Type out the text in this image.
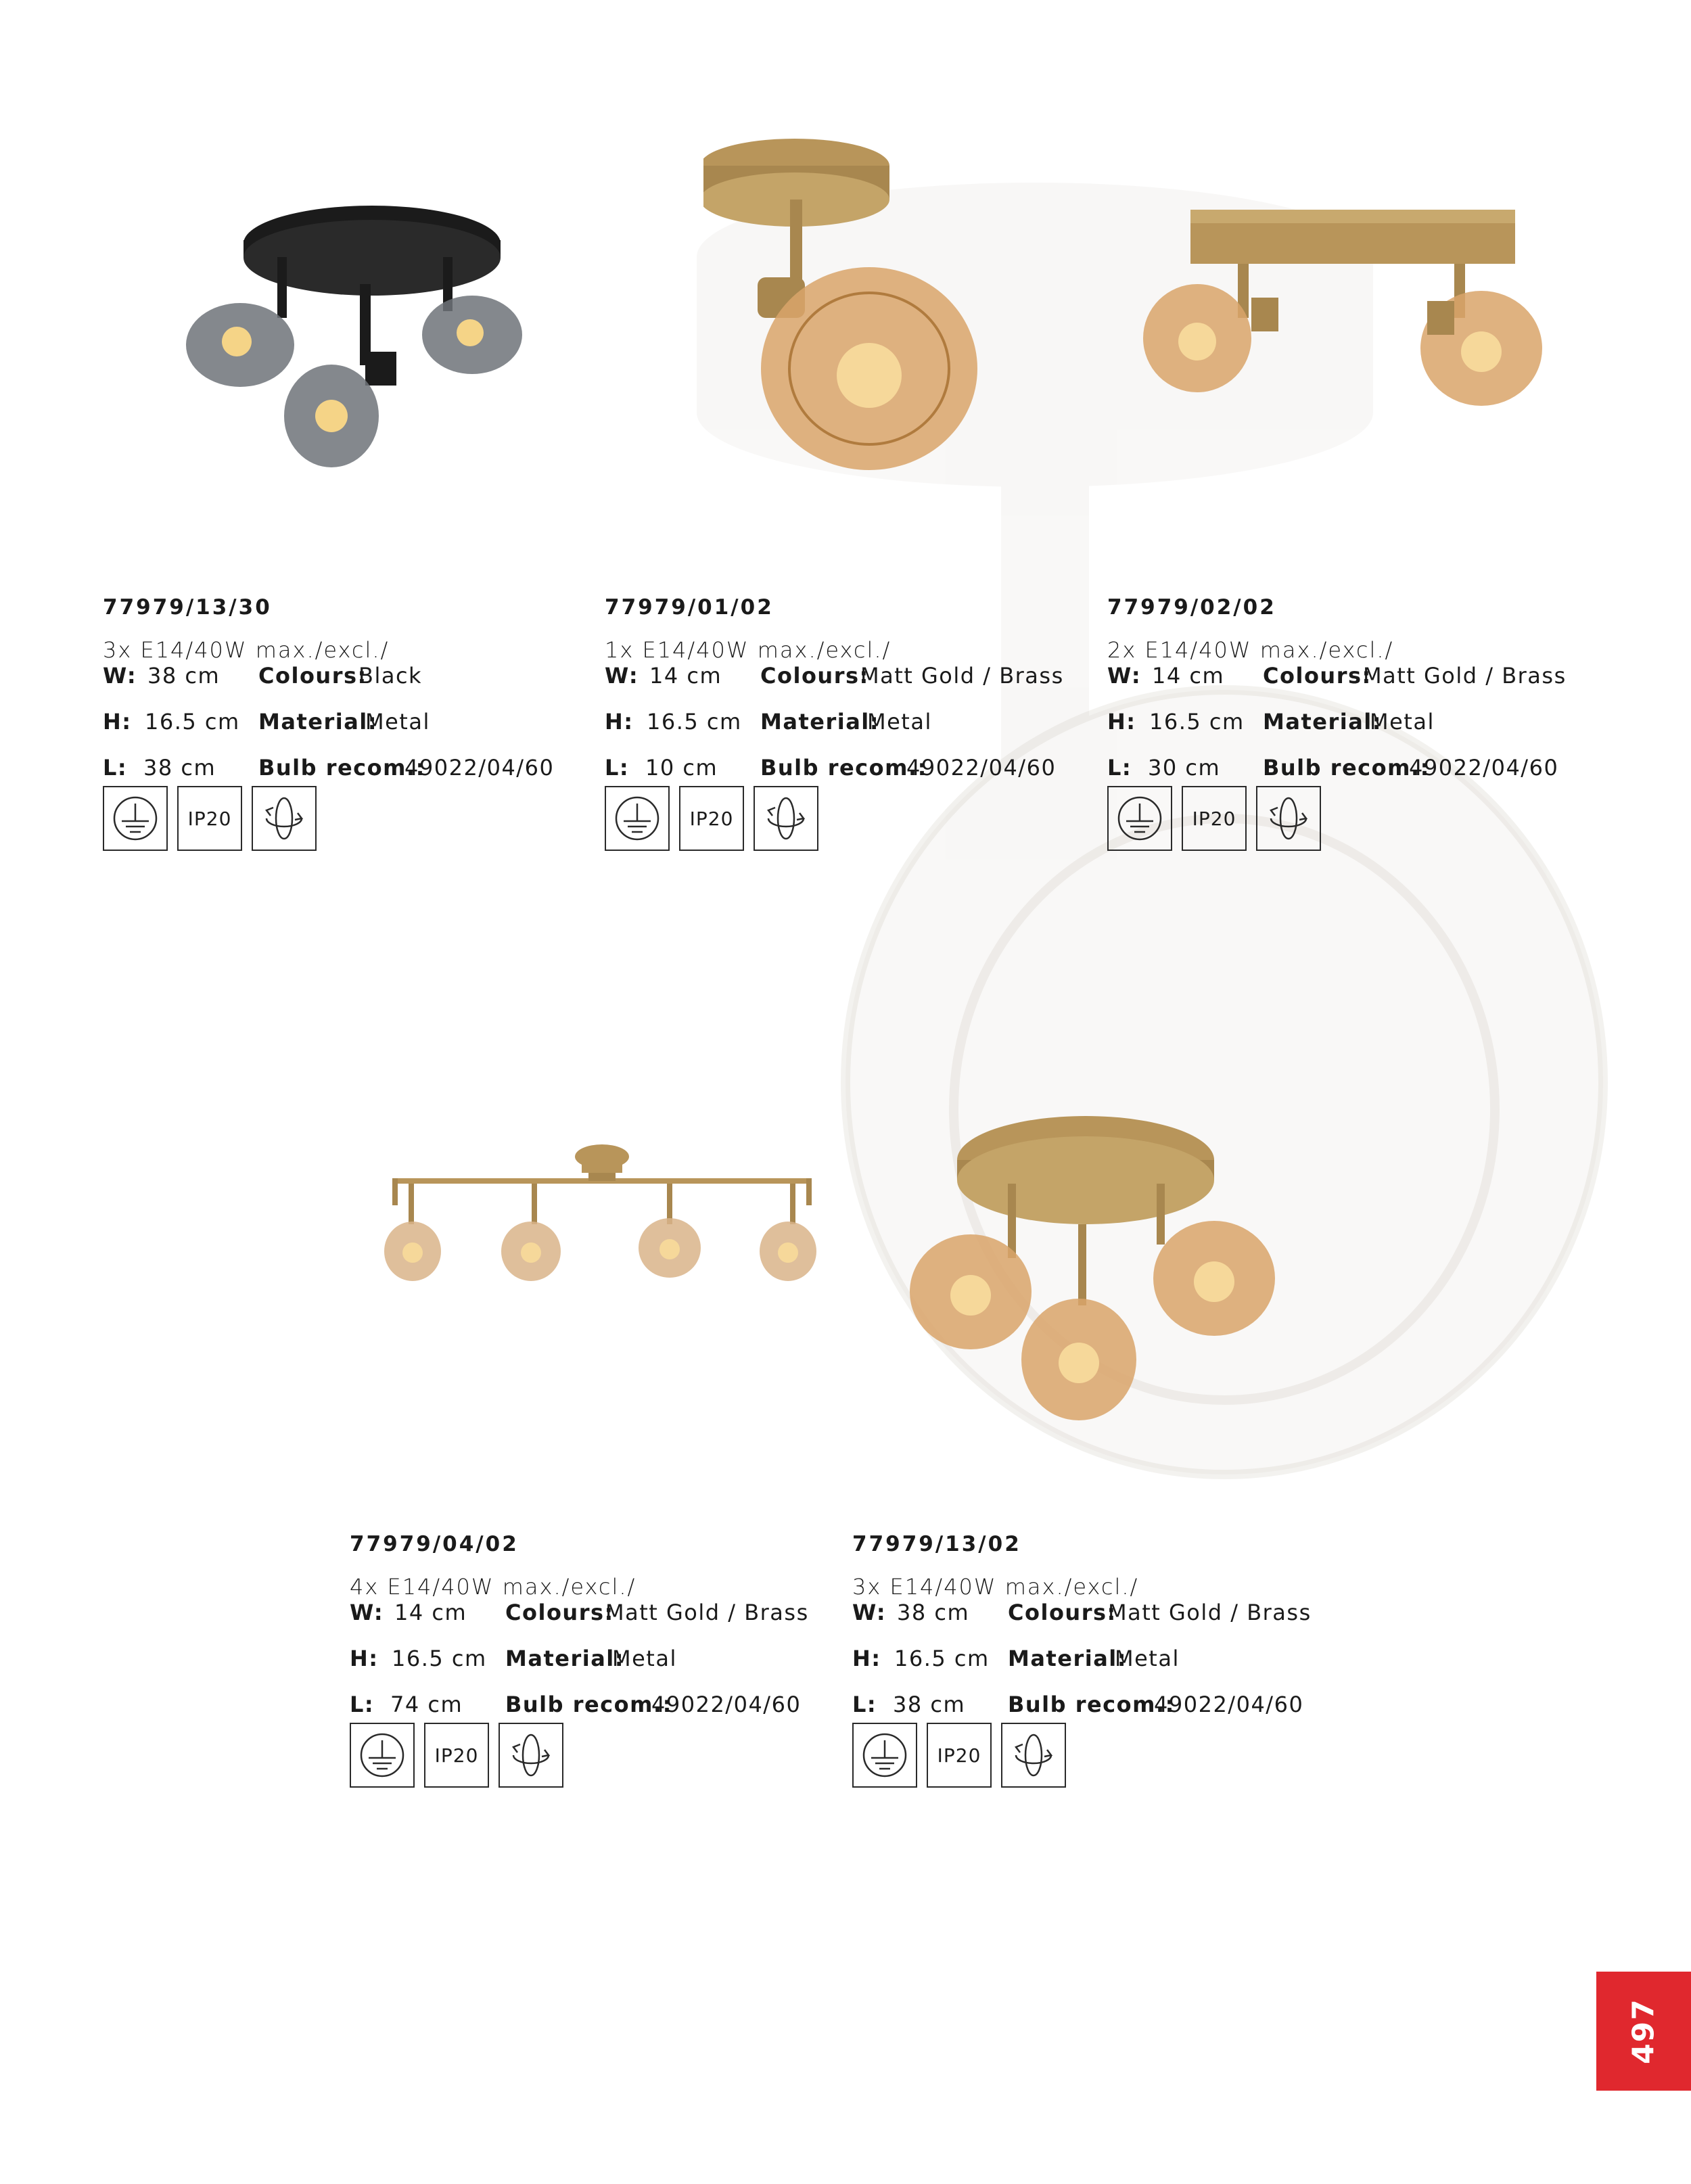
77979/13/30
3x E14/40W max./excl./
W: 38 cm Colours:
Black
H: 16.5 cm Material:
Metal
L: 38 cm Bulb recom.:
49022/04/60
IP20
77979/01/02
1x E14/40W max./excl./
W: 14 cm Colours:
Matt Gold / Brass
H: 16.5 cm Material:
Metal
L: 10 cm Bulb recom.:
49022/04/60
IP20
77979/02/02
2x E14/40W max./excl./
W: 14 cm Colours:
Matt Gold / Brass
H: 16.5 cm Material:
Metal
L: 30 cm Bulb recom.:
49022/04/60
IP20
77979/04/02
4x E14/40W max./excl./
W: 14 cm Colours:
Matt Gold / Brass
H: 16.5 cm Material:
Metal
L: 74 cm Bulb recom.:
49022/04/60
IP20
77979/13/02
3x E14/40W max./excl./
W: 38 cm Colours:
Matt Gold / Brass
H: 16.5 cm Material:
Metal
L: 38 cm Bulb recom.:
49022/04/60
IP20
497
